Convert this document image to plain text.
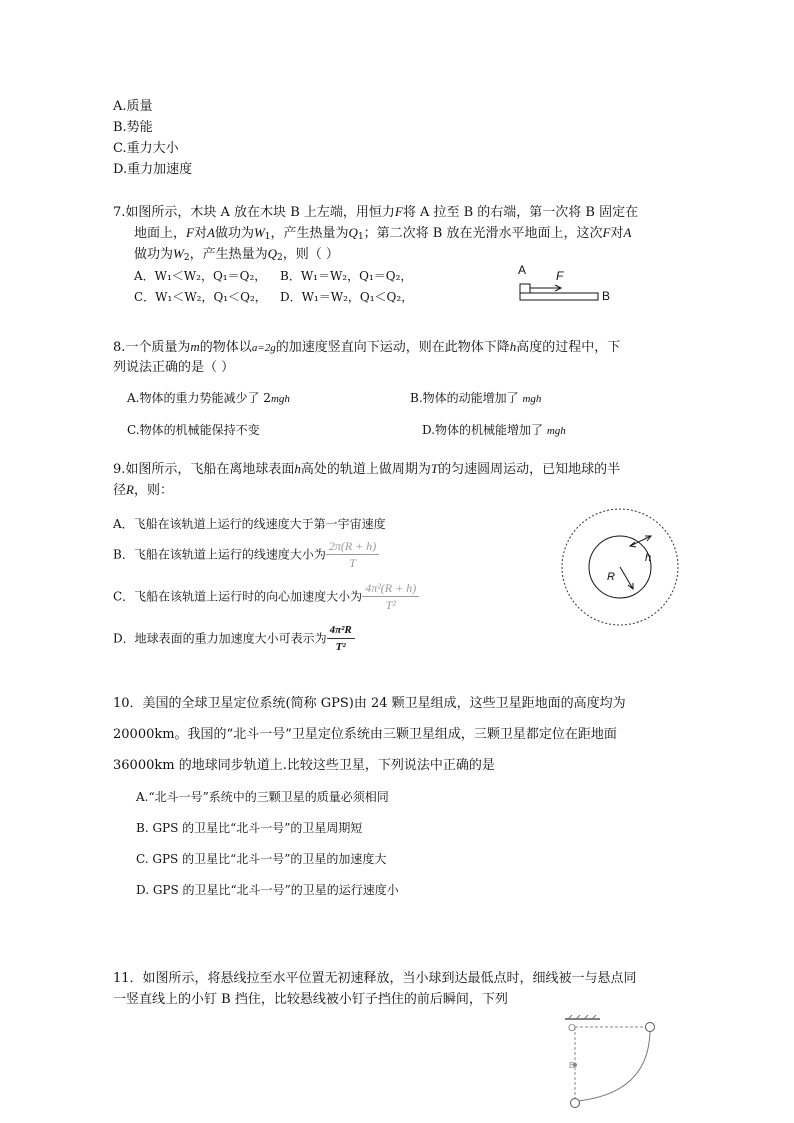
A.质量
B.势能
C.重力大小
D.重力加速度
7.如图所示，木块 A 放在木块 B 上左端，用恒力F将 A 拉至 B 的右端，第一次将 B 固定在
地面上，F对A做功为$W_1$，产生热量为$Q_1$；第二次将 B 放在光滑水平地面上，这次F对A
做功为$W_2$，产生热量为$Q_2$，则（ ）
A．W₁＜W₂，Q₁＝Q₂， B．W₁＝W₂，Q₁＝Q₂，
C．W₁＜W₂，Q₁＜Q₂， D．W₁＝W₂，Q₁＜Q₂，
A F
B
8.一个质量为m的物体以a=2g的加速度竖直向下运动，则在此物体下降h高度的过程中，下
列说法正确的是（ ）
A.物体的重力势能减少了 2mgh	B.物体的动能增加了 mgh
C.物体的机械能保持不变	D.物体的机械能增加了 mgh
9.如图所示，飞船在离地球表面h高处的轨道上做周期为T的匀速圆周运动，已知地球的半
径R，则：
A．飞船在该轨道上运行的线速度大于第一宇宙速度
B．飞船在该轨道上运行的线速度大小为 $\frac{2\pi(R + h)}{T}$
C．飞船在该轨道上运行时的向心加速度大小为 $\frac{\text{4π²(R + h)}}{\text{T²}}$
D．地球表面的重力加速度大小可表示为 $\frac{\text{4π²R}}{\text{T²}}$
h
R
10．美国的全球卫星定位系统(简称 GPS)由 24 颗卫星组成，这些卫星距地面的高度均为
20000km。我国的“北斗一号”卫星定位系统由三颗卫星组成，三颗卫星都定位在距地面
36000km 的地球同步轨道上.比较这些卫星，下列说法中正确的是
A.“北斗一号”系统中的三颗卫星的质量必须相同
B. GPS 的卫星比“北斗一号”的卫星周期短
C. GPS 的卫星比“北斗一号”的卫星的加速度大
D. GPS 的卫星比“北斗一号”的卫星的运行速度小
11．如图所示，将悬线拉至水平位置无初速释放，当小球到达最低点时，细线被一与悬点同
一竖直线上的小钉 B 挡住，比较悬线被小钉子挡住的前后瞬间，下列
O
B
